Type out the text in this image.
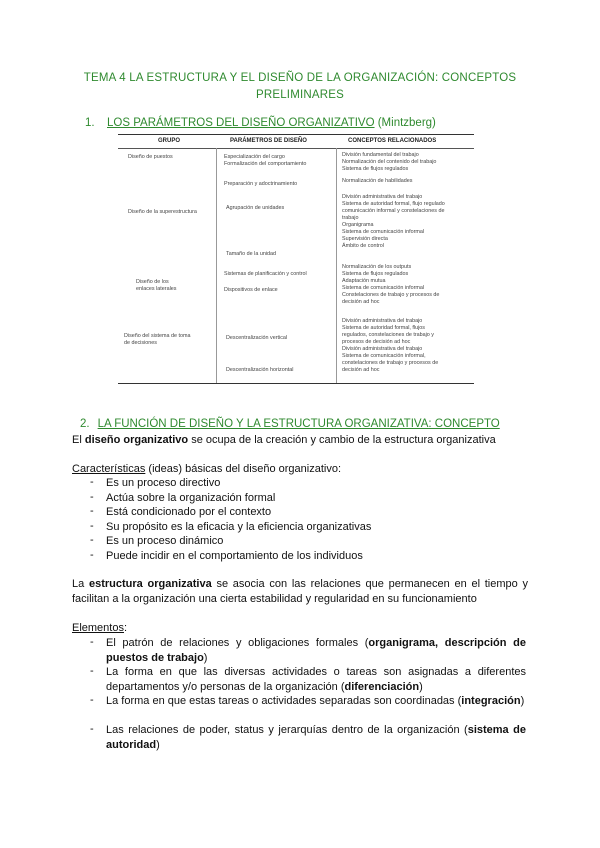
TEMA 4 LA ESTRUCTURA Y EL DISEÑO DE LA ORGANIZACIÓN: CONCEPTOS PRELIMINARES
1. LOS PARÁMETROS DEL DISEÑO ORGANIZATIVO (Mintzberg)
GRUPO	PARÁMETROS DE DISEÑO	CONCEPTOS RELACIONADOS
Diseño de puestos
Diseño de la superestructura
Diseño de los
enlaces laterales
Diseño del sistema de toma
de decisiones
Especialización del cargo
Formalización del comportamiento
Preparación y adoctrinamiento
Agrupación de unidades
Tamaño de la unidad
Sistemas de planificación y control
Dispositivos de enlace
Descentralización vertical
Descentralización horizontal
División fundamental del trabajo
Normalización del contenido del trabajo
Sistema de flujos regulados
Normalización de habilidades
División administrativa del trabajo
Sistema de autoridad formal, flujo regulado
comunicación informal y constelaciones de
trabajo
Organigrama
Sistema de comunicación informal
Supervisión directa
Ámbito de control
Normalización de los outputs
Sistema de flujos regulados
Adaptación mutua
Sistema de comunicación informal
Constelaciones de trabajo y procesos de
decisión ad hoc
División administrativa del trabajo
Sistema de autoridad formal, flujos
regulados, constelaciones de trabajo y
procesos de decisión ad hoc
División administrativa del trabajo
Sistema de comunicación informal,
constelaciones de trabajo y procesos de
decisión ad hoc
2. LA FUNCIÓN DE DISEÑO Y LA ESTRUCTURA ORGANIZATIVA: CONCEPTO
El diseño organizativo se ocupa de la creación y cambio de la estructura organizativa
Características (ideas) básicas del diseño organizativo:
- Es un proceso directivo
- Actúa sobre la organización formal
- Está condicionado por el contexto
- Su propósito es la eficacia y la eficiencia organizativas
- Es un proceso dinámico
- Puede incidir en el comportamiento de los individuos
La estructura organizativa se asocia con las relaciones que permanecen en el tiempo y facilitan a la organización una cierta estabilidad y regularidad en su funcionamiento
Elementos:
- El patrón de relaciones y obligaciones formales (organigrama, descripción de puestos de trabajo)
- La forma en que las diversas actividades o tareas son asignadas a diferentes departamentos y/o personas de la organización (diferenciación)
- La forma en que estas tareas o actividades separadas son coordinadas (integración)
- Las relaciones de poder, status y jerarquías dentro de la organización (sistema de autoridad)
